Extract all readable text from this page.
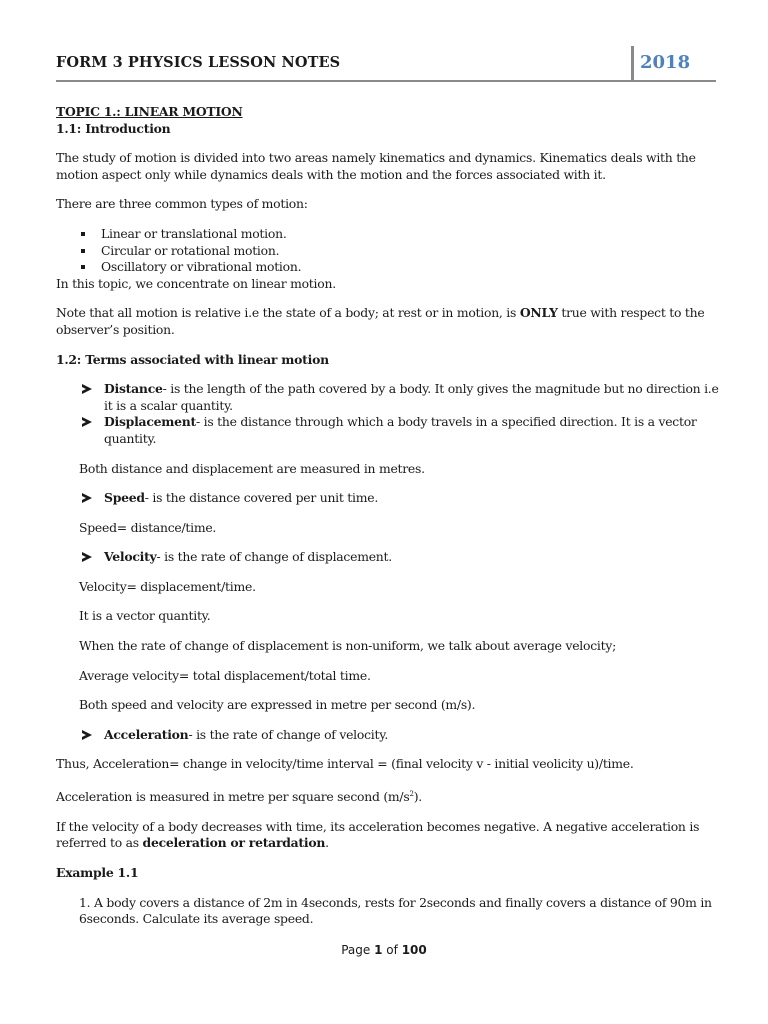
FORM 3 PHYSICS LESSON NOTES	2018

TOPIC 1.: LINEAR MOTION

1.1: Introduction

The study of motion is divided into two areas namely kinematics and dynamics. Kinematics deals with the motion aspect only while dynamics deals with the motion and the forces associated with it.

There are three common types of motion:

Linear or translational motion.
Circular or rotational motion.
Oscillatory or vibrational motion.

In this topic, we concentrate on linear motion.

Note that all motion is relative i.e the state of a body; at rest or in motion, is ONLY true with respect to the observer’s position.

1.2: Terms associated with linear motion

Distance- is the length of the path covered by a body. It only gives the magnitude but no direction i.e it is a scalar quantity.
Displacement- is the distance through which a body travels in a specified direction. It is a vector quantity.

Both distance and displacement are measured in metres.

Speed- is the distance covered per unit time.

Speed= distance/time.

Velocity- is the rate of change of displacement.

Velocity= displacement/time.

It is a vector quantity.

When the rate of change of displacement is non-uniform, we talk about average velocity;

Average velocity= total displacement/total time.

Both speed and velocity are expressed in metre per second (m/s).

Acceleration- is the rate of change of velocity.

Thus, Acceleration= change in velocity/time interval = (final velocity v - initial veolicity u)/time.

Acceleration is measured in metre per square second $(m/s^2)$.

If the velocity of a body decreases with time, its acceleration becomes negative. A negative acceleration is referred to as deceleration or retardation.

Example 1.1

1. A body covers a distance of 2m in 4seconds, rests for 2seconds and finally covers a distance of 90m in 6seconds. Calculate its average speed.

Page 1 of 100
